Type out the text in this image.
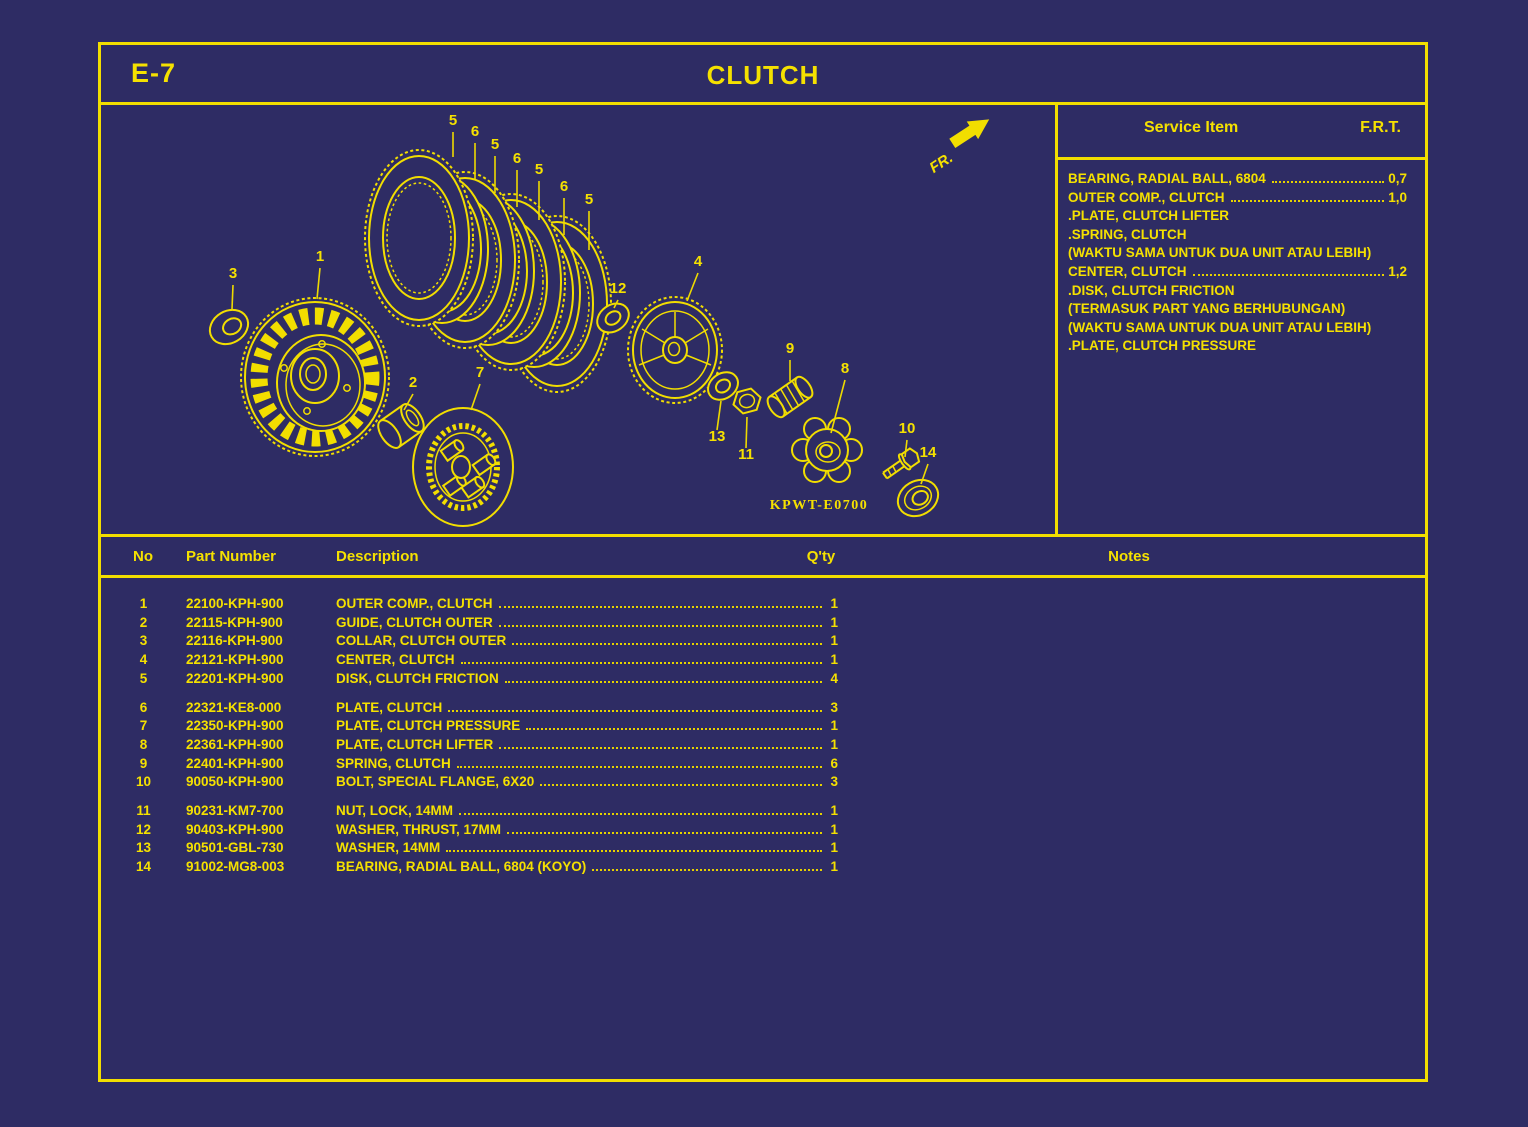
E-7	CLUTCH
FR.
KPWT-E0700
5
6
5
6
5
6
5
3
1
2
7
4
12
13
11
9
8
10
14
Service Item	F.R.T.
BEARING, RADIAL BALL, 6804	0,7
OUTER COMP., CLUTCH	1,0
.PLATE, CLUTCH LIFTER
.SPRING, CLUTCH
(WAKTU SAMA UNTUK DUA UNIT ATAU LEBIH)
CENTER, CLUTCH	1,2
.DISK, CLUTCH FRICTION
(TERMASUK PART YANG BERHUBUNGAN)
(WAKTU SAMA UNTUK DUA UNIT ATAU LEBIH)
.PLATE, CLUTCH PRESSURE
No	Part Number	Description	Q'ty	Notes
1	22100-KPH-900	OUTER COMP., CLUTCH	1
2	22115-KPH-900	GUIDE, CLUTCH OUTER	1
3	22116-KPH-900	COLLAR, CLUTCH OUTER	1
4	22121-KPH-900	CENTER, CLUTCH	1
5	22201-KPH-900	DISK, CLUTCH FRICTION	4
6	22321-KE8-000	PLATE, CLUTCH	3
7	22350-KPH-900	PLATE, CLUTCH PRESSURE	1
8	22361-KPH-900	PLATE, CLUTCH LIFTER	1
9	22401-KPH-900	SPRING, CLUTCH	6
10	90050-KPH-900	BOLT, SPECIAL FLANGE, 6X20	3
11	90231-KM7-700	NUT, LOCK, 14MM	1
12	90403-KPH-900	WASHER, THRUST, 17MM	1
13	90501-GBL-730	WASHER, 14MM	1
14	91002-MG8-003	BEARING, RADIAL BALL, 6804 (KOYO)	1
